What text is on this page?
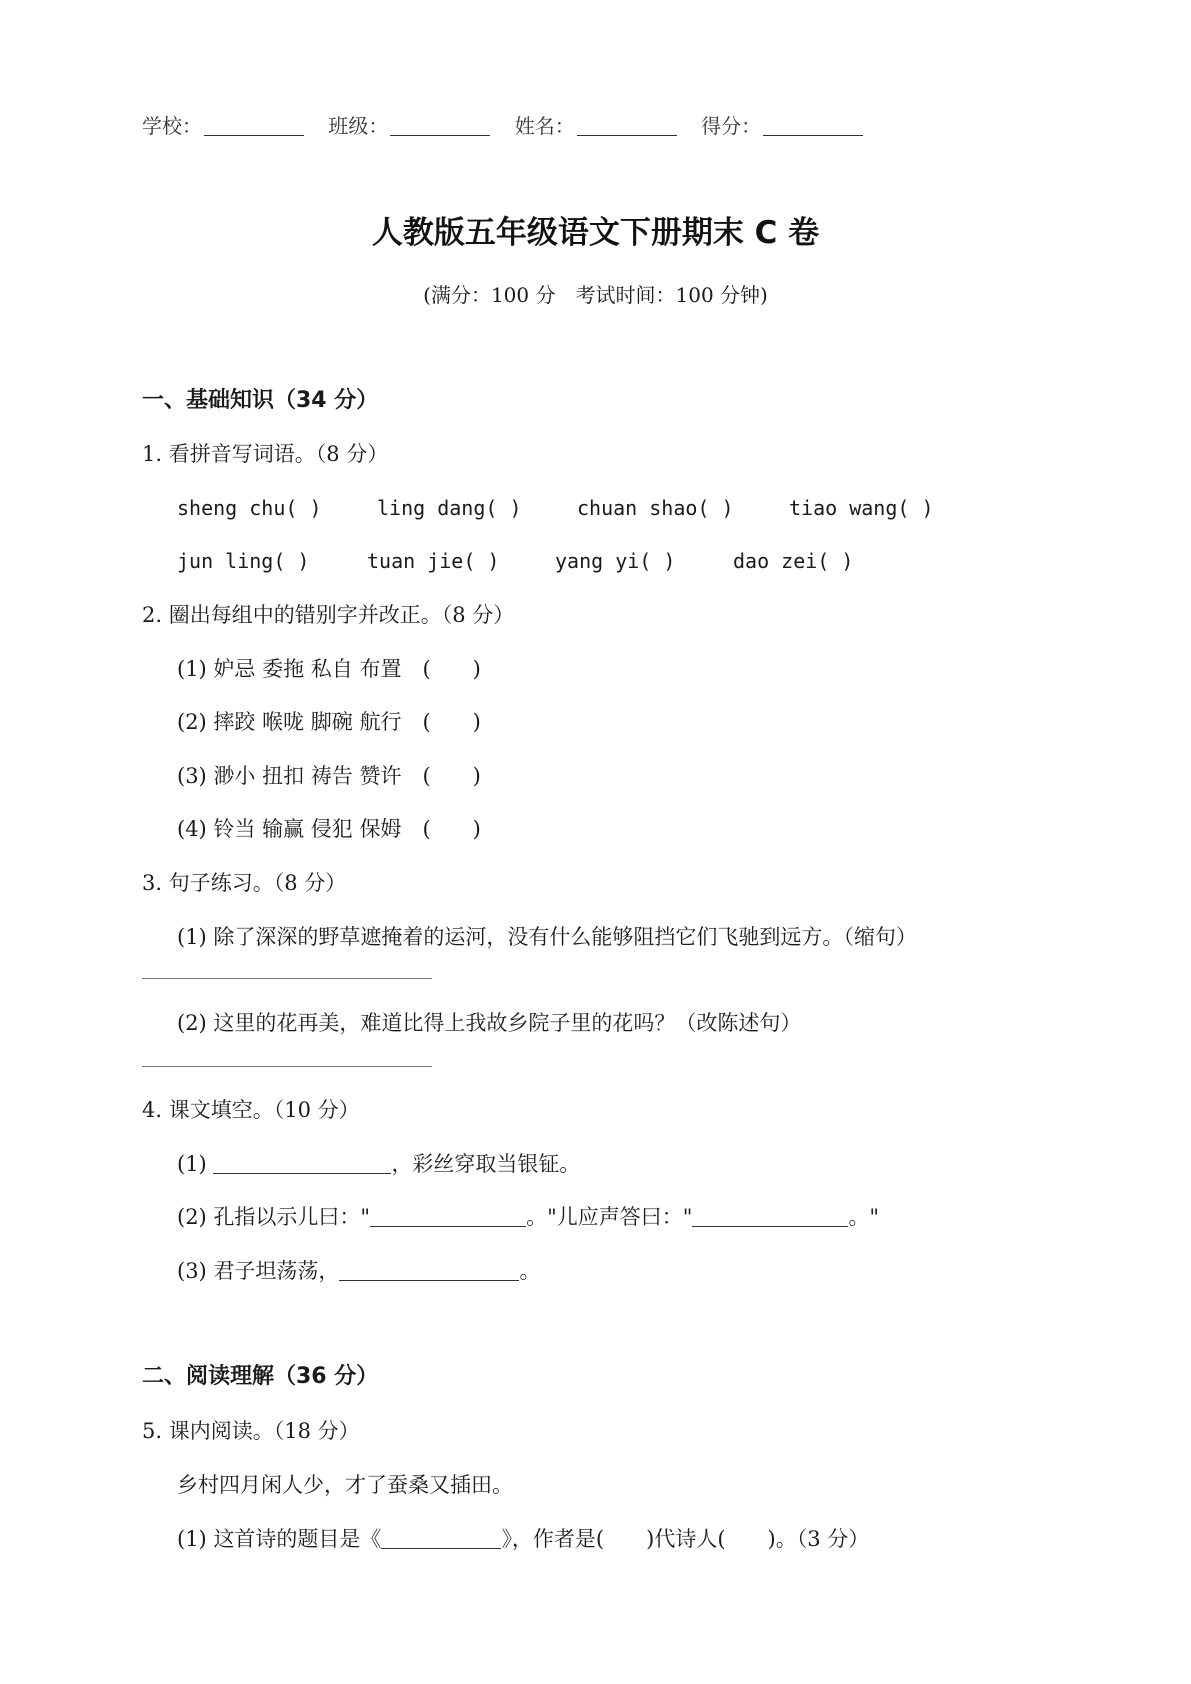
学校：	班级：	姓名：	得分：
人教版五年级语文下册期末 C 卷
(满分：100 分　考试时间：100 分钟)
一、基础知识（34 分）
1. 看拼音写词语。（8 分）
sheng chu( )	ling dang( )	chuan shao( )	tiao wang( )
jun ling( )	tuan jie( )	yang yi( )	dao zei( )
2. 圈出每组中的错别字并改正。（8 分）
(1) 妒忌 委拖 私自 布置　(　　)
(2) 摔跤 喉咙 脚碗 航行　(　　)
(3) 渺小 扭扣 祷告 赞许　(　　)
(4) 铃当 输赢 侵犯 保姆　(　　)
3. 句子练习。（8 分）
(1) 除了深深的野草遮掩着的运河，没有什么能够阻挡它们飞驰到远方。（缩句）
(2) 这里的花再美，难道比得上我故乡院子里的花吗？（改陈述句）
4. 课文填空。（10 分）
(1)	，彩丝穿取当银钲。
(2) 孔指以示儿曰："	。"儿应声答曰："	。"
(3) 君子坦荡荡，	。
二、阅读理解（36 分）
5. 课内阅读。（18 分）
乡村四月闲人少，才了蚕桑又插田。
(1) 这首诗的题目是《	》，作者是(　　)代诗人(　　)。（3 分）
